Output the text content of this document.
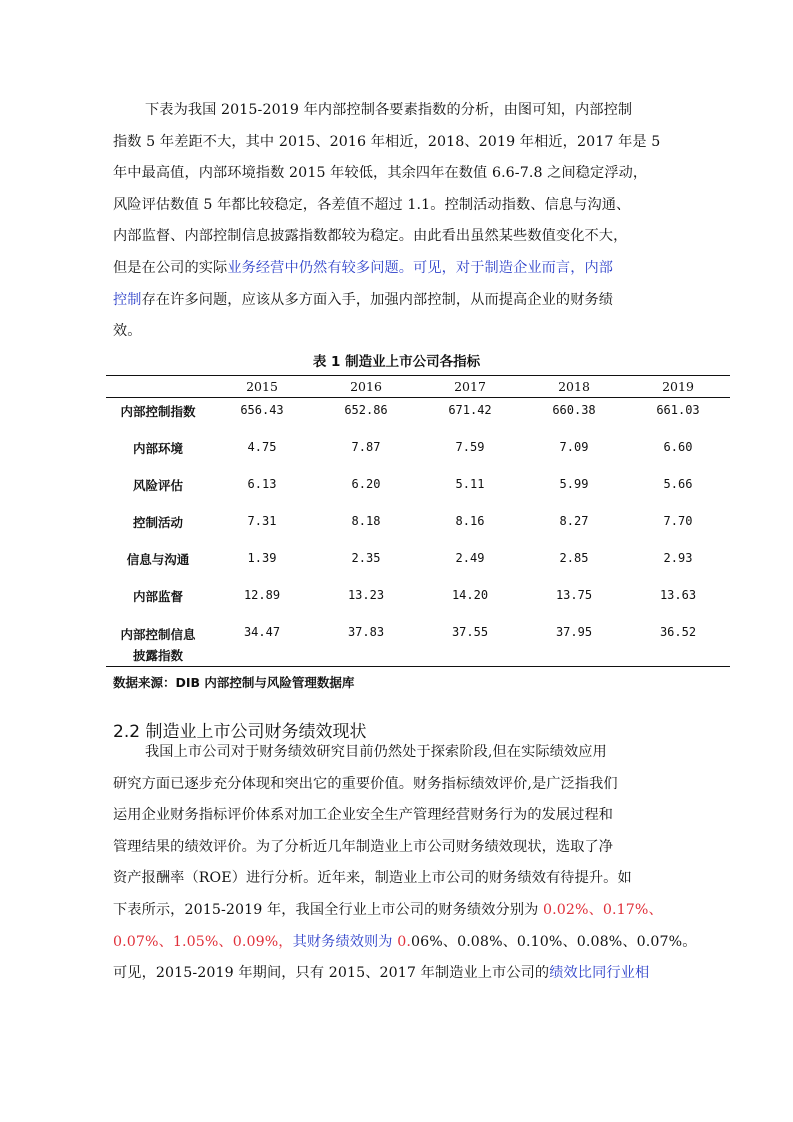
下表为我国 2015-2019 年内部控制各要素指数的分析，由图可知，内部控制
指数 5 年差距不大，其中 2015、2016 年相近，2018、2019 年相近，2017 年是 5
年中最高值，内部环境指数 2015 年较低，其余四年在数值 6.6-7.8 之间稳定浮动，
风险评估数值 5 年都比较稳定，各差值不超过 1.1。控制活动指数、信息与沟通、
内部监督、内部控制信息披露指数都较为稳定。由此看出虽然某些数值变化不大，
但是在公司的实际业务经营中仍然有较多问题。可见，对于制造企业而言，内部
控制存在许多问题，应该从多方面入手，加强内部控制，从而提高企业的财务绩
效。
表 1 制造业上市公司各指标
	2015	2016	2017	2018	2019
内部控制指数	656.43	652.86	671.42	660.38	661.03
内部环境	4.75	7.87	7.59	7.09	6.60
风险评估	6.13	6.20	5.11	5.99	5.66
控制活动	7.31	8.18	8.16	8.27	7.70
信息与沟通	1.39	2.35	2.49	2.85	2.93
内部监督	12.89	13.23	14.20	13.75	13.63

内部控制信息
披露指数	34.47	37.83	37.55	37.95	36.52
数据来源：DIB 内部控制与风险管理数据库
2.2 制造业上市公司财务绩效现状
我国上市公司对于财务绩效研究目前仍然处于探索阶段,但在实际绩效应用
研究方面已逐步充分体现和突出它的重要价值。财务指标绩效评价,是广泛指我们
运用企业财务指标评价体系对加工企业安全生产管理经营财务行为的发展过程和
管理结果的绩效评价。为了分析近几年制造业上市公司财务绩效现状，选取了净
资产报酬率（ROE）进行分析。近年来，制造业上市公司的财务绩效有待提升。如
下表所示，2015-2019 年，我国全行业上市公司的财务绩效分别为 0.02%、0.17%、
0.07%、1.05%、0.09%，其财务绩效则为 0.06%、0.08%、0.10%、0.08%、0.07%。
可见，2015-2019 年期间，只有 2015、2017 年制造业上市公司的绩效比同行业相
